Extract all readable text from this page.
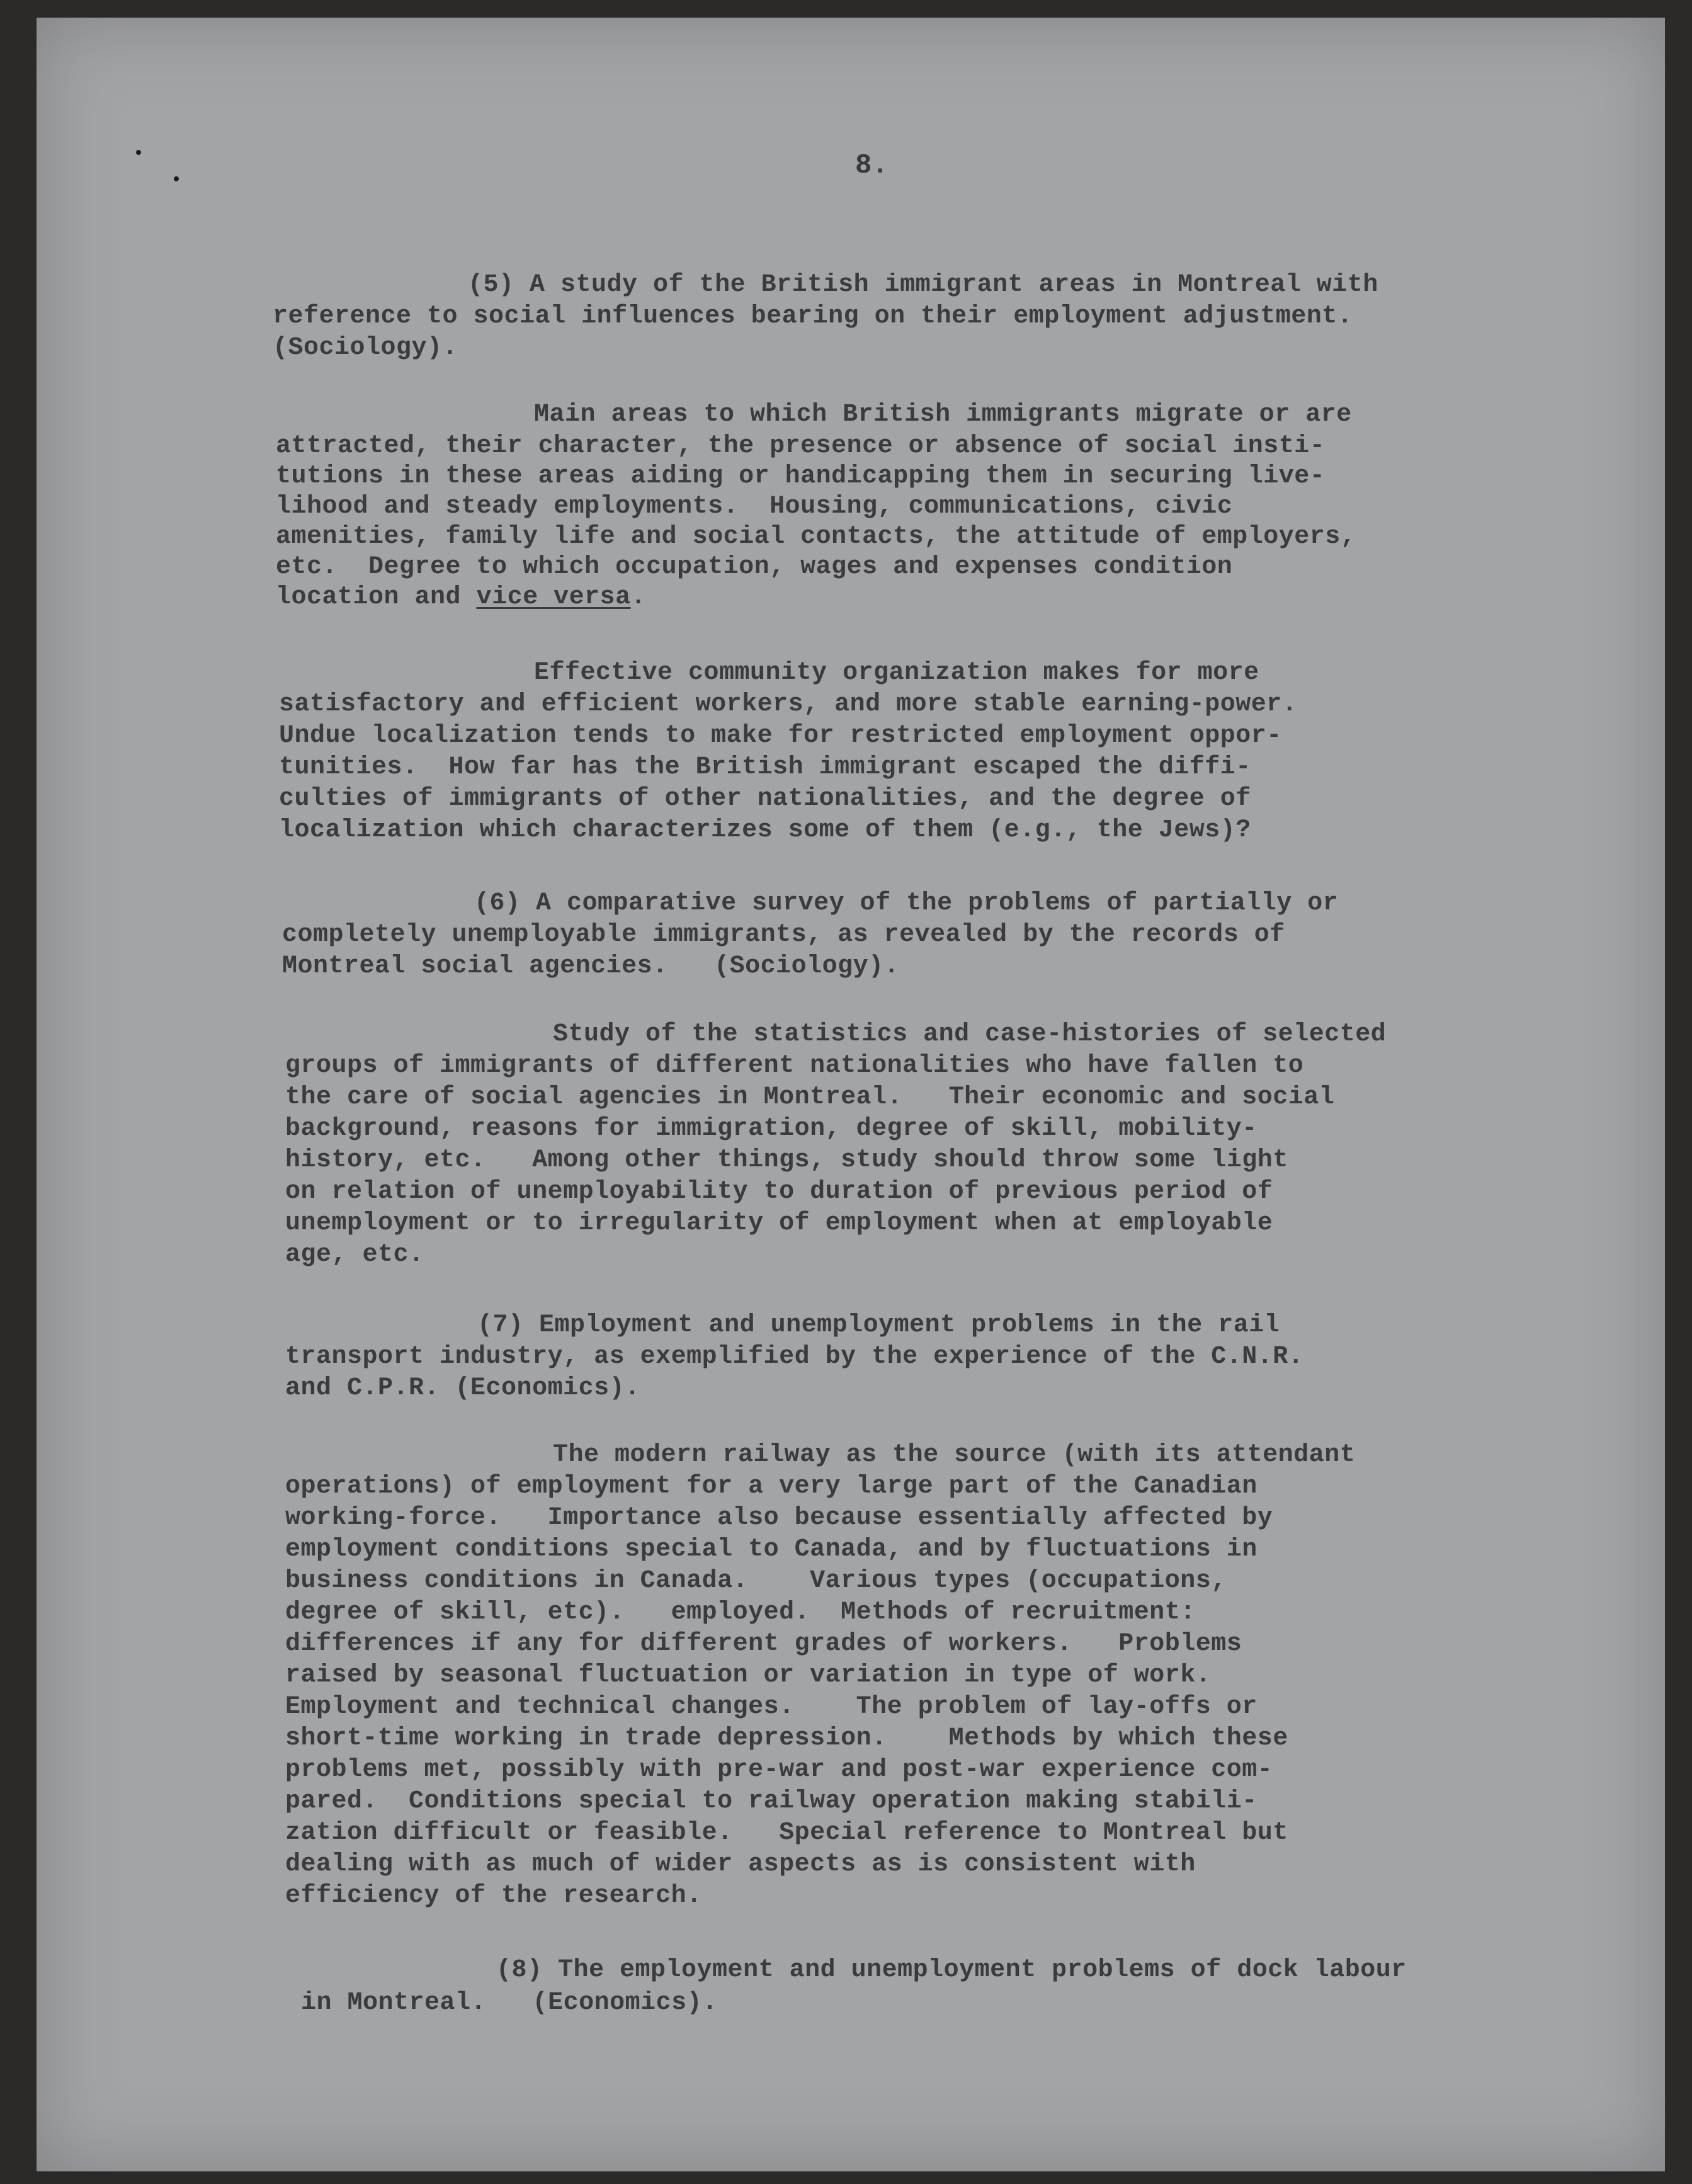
8.

(5) A study of the British immigrant areas in Montreal with

reference to social influences bearing on their employment adjustment.

(Sociology).

Main areas to which British immigrants migrate or are

attracted, their character, the presence or absence of social insti-

tutions in these areas aiding or handicapping them in securing live-

lihood and steady employments.  Housing, communications, civic

amenities, family life and social contacts, the attitude of employers,

etc.  Degree to which occupation, wages and expenses condition

location and vice versa.

Effective community organization makes for more

satisfactory and efficient workers, and more stable earning-power.

Undue localization tends to make for restricted employment oppor-

tunities.  How far has the British immigrant escaped the diffi-

culties of immigrants of other nationalities, and the degree of

localization which characterizes some of them (e.g., the Jews)?

(6) A comparative survey of the problems of partially or

completely unemployable immigrants, as revealed by the records of

Montreal social agencies.   (Sociology).

Study of the statistics and case-histories of selected

groups of immigrants of different nationalities who have fallen to

the care of social agencies in Montreal.   Their economic and social

background, reasons for immigration, degree of skill, mobility-

history, etc.   Among other things, study should throw some light

on relation of unemployability to duration of previous period of

unemployment or to irregularity of employment when at employable

age, etc.

(7) Employment and unemployment problems in the rail

transport industry, as exemplified by the experience of the C.N.R.

and C.P.R. (Economics).

The modern railway as the source (with its attendant

operations) of employment for a very large part of the Canadian

working-force.   Importance also because essentially affected by

employment conditions special to Canada, and by fluctuations in

business conditions in Canada.    Various types (occupations,

degree of skill, etc).   employed.  Methods of recruitment:

differences if any for different grades of workers.   Problems

raised by seasonal fluctuation or variation in type of work.

Employment and technical changes.    The problem of lay-offs or

short-time working in trade depression.    Methods by which these

problems met, possibly with pre-war and post-war experience com-

pared.  Conditions special to railway operation making stabili-

zation difficult or feasible.   Special reference to Montreal but

dealing with as much of wider aspects as is consistent with

efficiency of the research.

(8) The employment and unemployment problems of dock labour

in Montreal.   (Economics).
